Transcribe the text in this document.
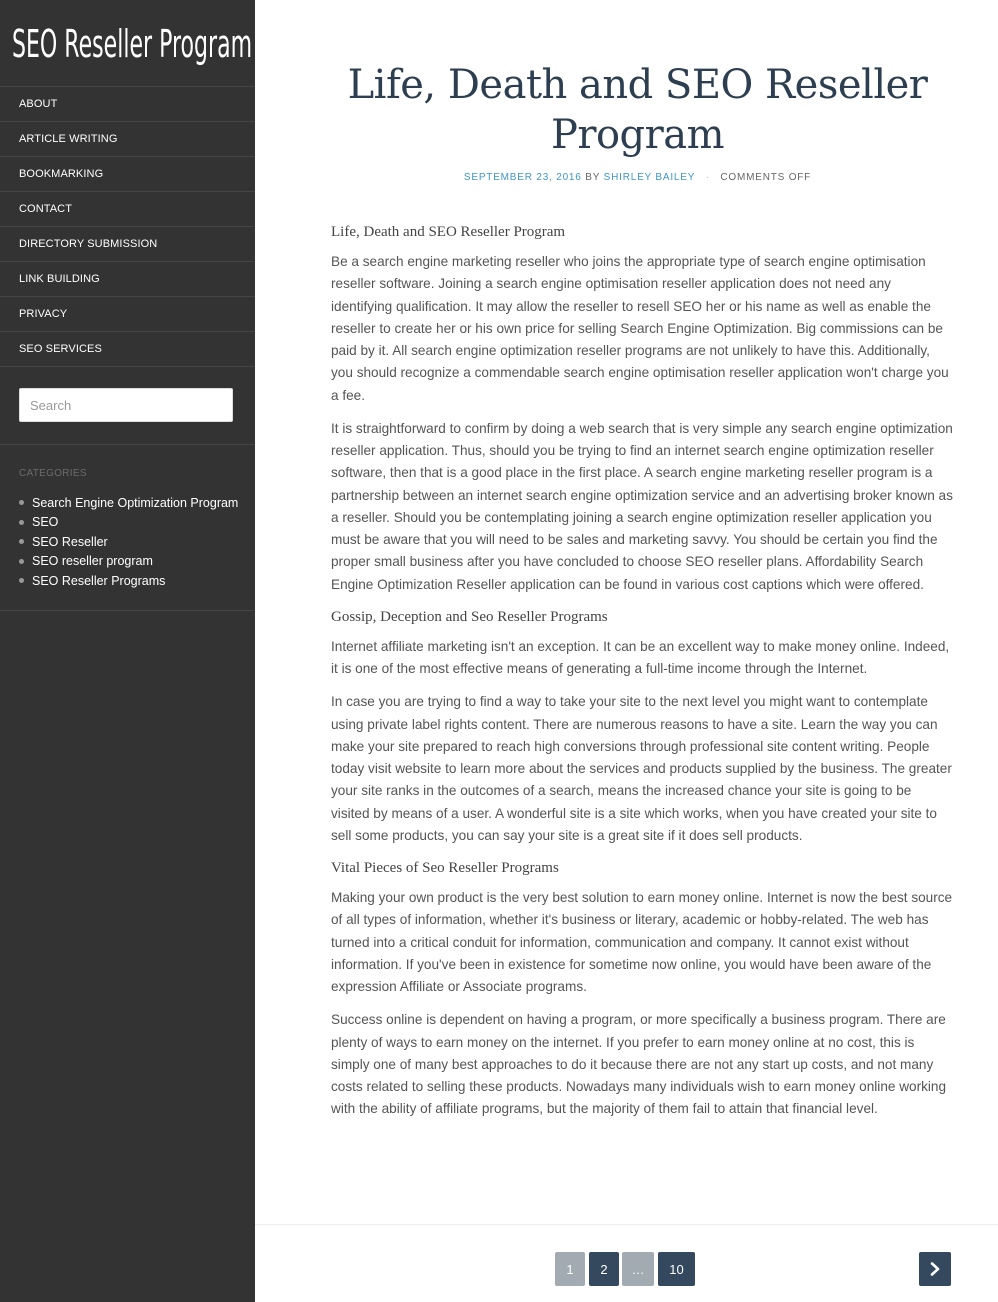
SEO Reseller Program
ABOUT
ARTICLE WRITING
BOOKMARKING
CONTACT
DIRECTORY SUBMISSION
LINK BUILDING
PRIVACY
SEO SERVICES
Search
CATEGORIES
Search Engine Optimization Program
SEO
SEO Reseller
SEO reseller program
SEO Reseller Programs
Life, Death and SEO Reseller Program
SEPTEMBER 23, 2016 BY SHIRLEY BAILEY · COMMENTS OFF
Life, Death and SEO Reseller Program

Be a search engine marketing reseller who joins the appropriate type of search engine optimisation reseller software. Joining a search engine optimisation reseller application does not need any identifying qualification. It may allow the reseller to resell SEO her or his name as well as enable the reseller to create her or his own price for selling Search Engine Optimization. Big commissions can be paid by it. All search engine optimization reseller programs are not unlikely to have this. Additionally, you should recognize a commendable search engine optimisation reseller application won't charge you a fee.

It is straightforward to confirm by doing a web search that is very simple any search engine optimization reseller application. Thus, should you be trying to find an internet search engine optimization reseller software, then that is a good place in the first place. A search engine marketing reseller program is a partnership between an internet search engine optimization service and an advertising broker known as a reseller. Should you be contemplating joining a search engine optimization reseller application you must be aware that you will need to be sales and marketing savvy. You should be certain you find the proper small business after you have concluded to choose SEO reseller plans. Affordability Search Engine Optimization Reseller application can be found in various cost captions which were offered.

Gossip, Deception and Seo Reseller Programs

Internet affiliate marketing isn't an exception. It can be an excellent way to make money online. Indeed, it is one of the most effective means of generating a full-time income through the Internet.

In case you are trying to find a way to take your site to the next level you might want to contemplate using private label rights content. There are numerous reasons to have a site. Learn the way you can make your site prepared to reach high conversions through professional site content writing. People today visit website to learn more about the services and products supplied by the business. The greater your site ranks in the outcomes of a search, means the increased chance your site is going to be visited by means of a user. A wonderful site is a site which works, when you have created your site to sell some products, you can say your site is a great site if it does sell products.

Vital Pieces of Seo Reseller Programs

Making your own product is the very best solution to earn money online. Internet is now the best source of all types of information, whether it's business or literary, academic or hobby-related. The web has turned into a critical conduit for information, communication and company. It cannot exist without information. If you've been in existence for sometime now online, you would have been aware of the expression Affiliate or Associate programs.

Success online is dependent on having a program, or more specifically a business program. There are plenty of ways to earn money on the internet. If you prefer to earn money online at no cost, this is simply one of many best approaches to do it because there are not any start up costs, and not many costs related to selling these products. Nowadays many individuals wish to earn money online working with the ability of affiliate programs, but the majority of them fail to attain that financial level.

1	2	…	10
